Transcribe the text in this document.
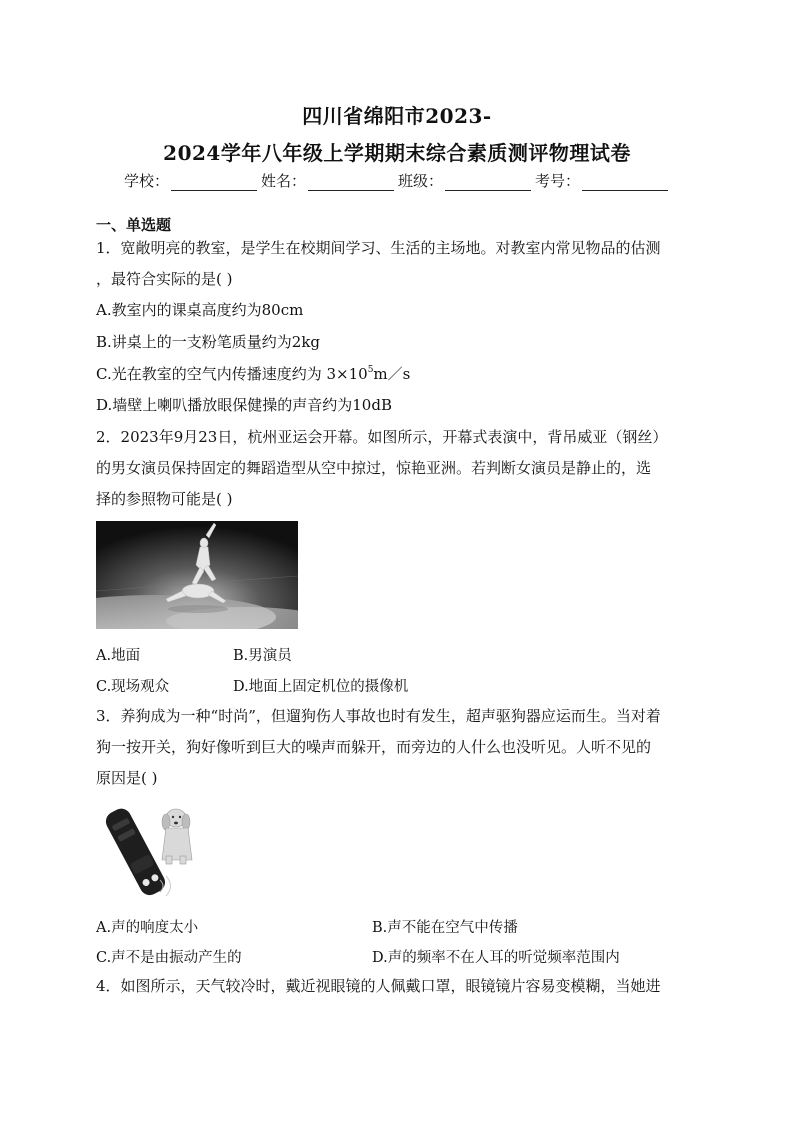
四川省绵阳市2023-
2024学年八年级上学期期末综合素质测评物理试卷
学校：	姓名：	班级：	考号：
一、单选题
1．宽敞明亮的教室，是学生在校期间学习、生活的主场地。对教室内常见物品的估测
，最符合实际的是( )
A.教室内的课桌高度约为80cm
B.讲桌上的一支粉笔质量约为2kg
C.光在教室的空气内传播速度约为 $3\times 10^5m/s$
D.墙壁上喇叭播放眼保健操的声音约为10dB
2．2023年9月23日，杭州亚运会开幕。如图所示，开幕式表演中，背吊威亚（钢丝）
的男女演员保持固定的舞蹈造型从空中掠过，惊艳亚洲。若判断女演员是静止的，选
择的参照物可能是( )
A.地面	B.男演员
C.现场观众	D.地面上固定机位的摄像机
3．养狗成为一种“时尚”，但遛狗伤人事故也时有发生，超声驱狗器应运而生。当对着
狗一按开关，狗好像听到巨大的噪声而躲开，而旁边的人什么也没听见。人听不见的
原因是( )
A.声的响度太小	B.声不能在空气中传播
C.声不是由振动产生的	D.声的频率不在人耳的听觉频率范围内
4．如图所示，天气较冷时，戴近视眼镜的人佩戴口罩，眼镜镜片容易变模糊，当她进
